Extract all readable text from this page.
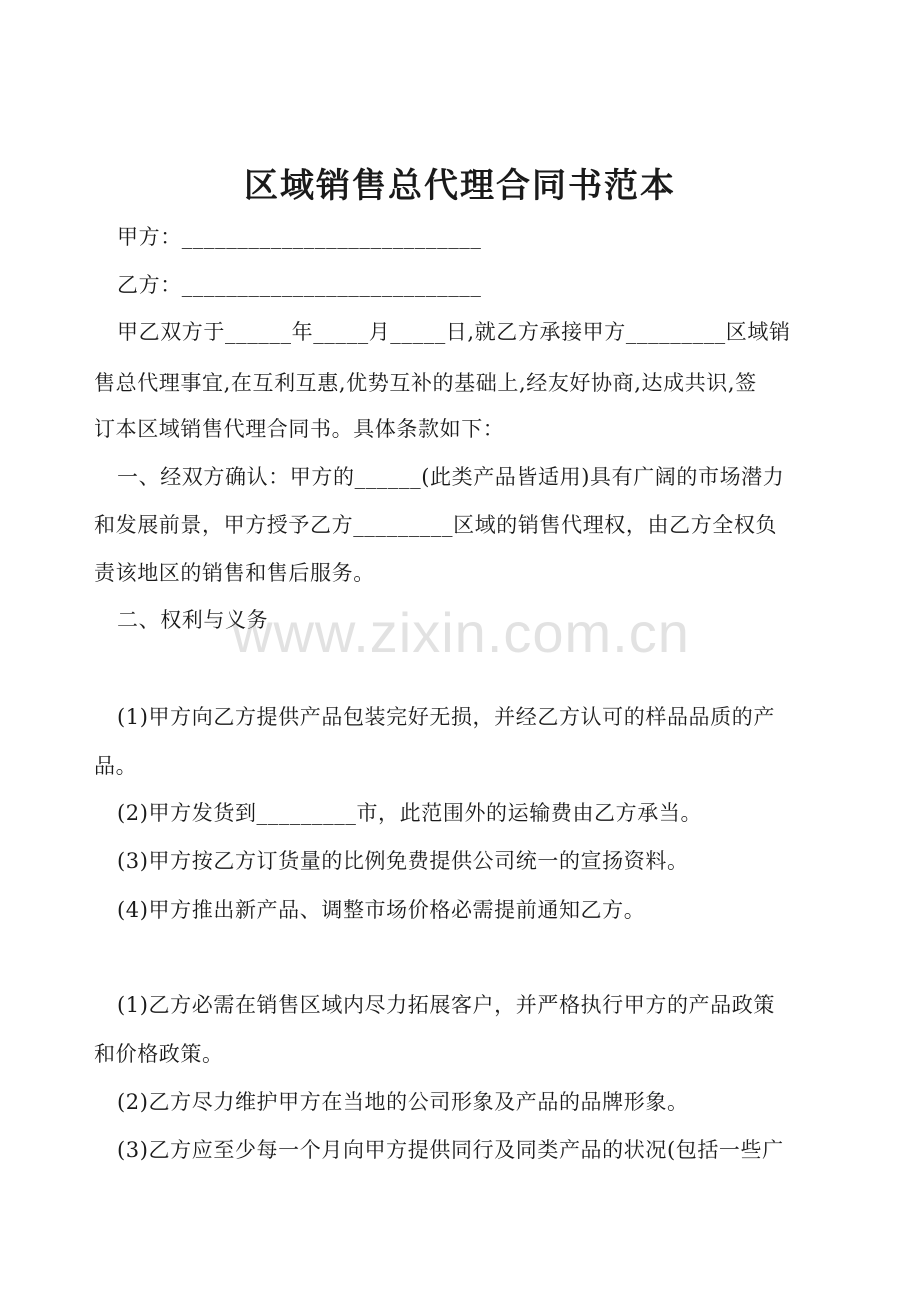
区域销售总代理合同书范本
甲方：___________________________
乙方：___________________________
甲乙双方于______年_____月_____日,就乙方承接甲方_________区域销
售总代理事宜,在互利互惠,优势互补的基础上,经友好协商,达成共识,签
订本区域销售代理合同书。具体条款如下：
一、经双方确认：甲方的______(此类产品皆适用)具有广阔的市场潜力
和发展前景，甲方授予乙方_________区域的销售代理权，由乙方全权负
责该地区的销售和售后服务。
二、权利与义务
(1)甲方向乙方提供产品包装完好无损，并经乙方认可的样品品质的产
品。
(2)甲方发货到_________市，此范围外的运输费由乙方承当。
(3)甲方按乙方订货量的比例免费提供公司统一的宣扬资料。
(4)甲方推出新产品、调整市场价格必需提前通知乙方。
(1)乙方必需在销售区域内尽力拓展客户，并严格执行甲方的产品政策
和价格政策。
(2)乙方尽力维护甲方在当地的公司形象及产品的品牌形象。
(3)乙方应至少每一个月向甲方提供同行及同类产品的状况(包括一些广
www.zixin.com.cn
